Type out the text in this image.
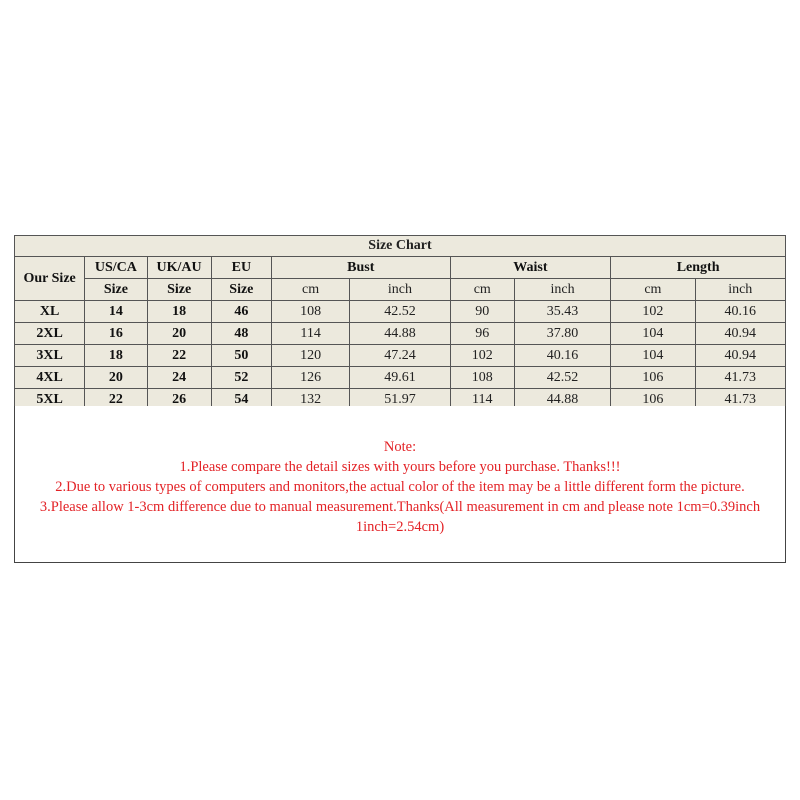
Size Chart									
Our Size	US/CA	UK/AU	EU	Bust		Waist		Length	
	Size	Size	Size	cm	inch	cm	inch	cm	inch
XL	14	18	46	108	42.52	90	35.43	102	40.16
2XL	16	20	48	114	44.88	96	37.80	104	40.94
3XL	18	22	50	120	47.24	102	40.16	104	40.94
4XL	20	24	52	126	49.61	108	42.52	106	41.73
5XL	22	26	54	132	51.97	114	44.88	106	41.73
Note:
1.Please compare the detail sizes with yours before you purchase. Thanks!!!
2.Due to various types of computers and monitors,the actual color of the item may be a little different form the picture.
3.Please allow 1-3cm difference due to manual measurement.Thanks(All measurement in cm and please note 1cm=0.39inch
1inch=2.54cm)
